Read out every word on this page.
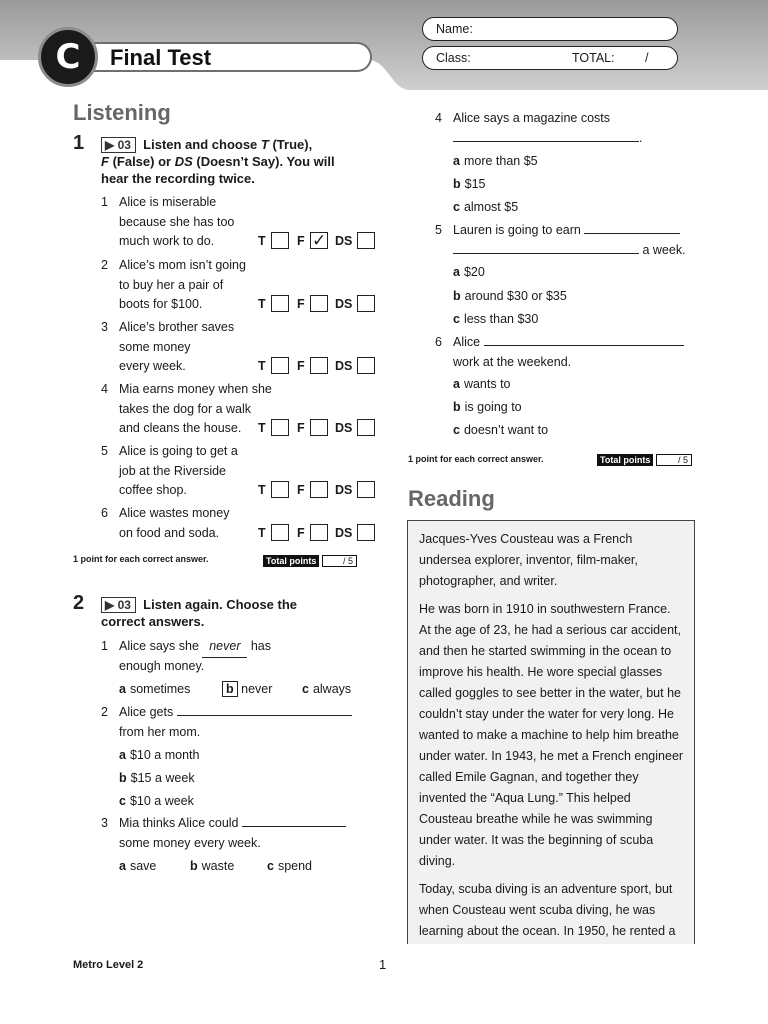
Final Test
C
Name:
Class:	TOTAL: /
Listening
1	▶ 03 Listen and choose T (True),
F (False) or DS (Doesn’t Say). You will
hear the recording twice.
1 Alice is miserable
because she has too
much work to do.	T	F
✓ DS
2 Alice’s mom isn’t going
to buy her a pair of
boots for $100.	T	F DS
3 Alice’s brother saves
some money
every week.	T	F DS
4 Mia earns money when she
takes the dog for a walk
and cleans the house.	T	F DS
5 Alice is going to get a
job at the Riverside
coffee shop.	T	F DS
6 Alice wastes money
on food and soda.	T	F DS
1 point for each correct answer.	Total points	/ 5
2	▶ 03 Listen again. Choose the
correct answers.
1 Alice says she never has
enough money.
a sometimes	b never c always
2 Alice gets
from her mom.
a $10 a month
b $15 a week
c $10 a week
3 Mia thinks Alice could
some money every week.
a save	b waste	c spend
4 Alice says a magazine costs
.
a more than $5
b $15
c almost $5
5 Lauren is going to earn
a week.
a $20
b around $30 or $35
c less than $30
6 Alice
work at the weekend.
a wants to
b is going to
c doesn’t want to
1 point for each correct answer.	Total points	/ 5
Reading

Jacques-Yves Cousteau was a French undersea explorer, inventor, film-maker, photographer, and writer.

He was born in 1910 in southwestern France. At the age of 23, he had a serious car accident, and then he started swimming in the ocean to improve his health. He wore special glasses called goggles to see better in the water, but he couldn’t stay under the water for very long. He wanted to make a machine to help him breathe under water. In 1943, he met a French engineer called Emile Gagnan, and together they invented the “Aqua Lung.” This helped Cousteau breathe while he was swimming under water. It was the beginning of scuba diving.

Today, scuba diving is an adventure sport, but when Cousteau went scuba diving, he was learning about the ocean. In 1950, he rented a

Metro Level 2	1
